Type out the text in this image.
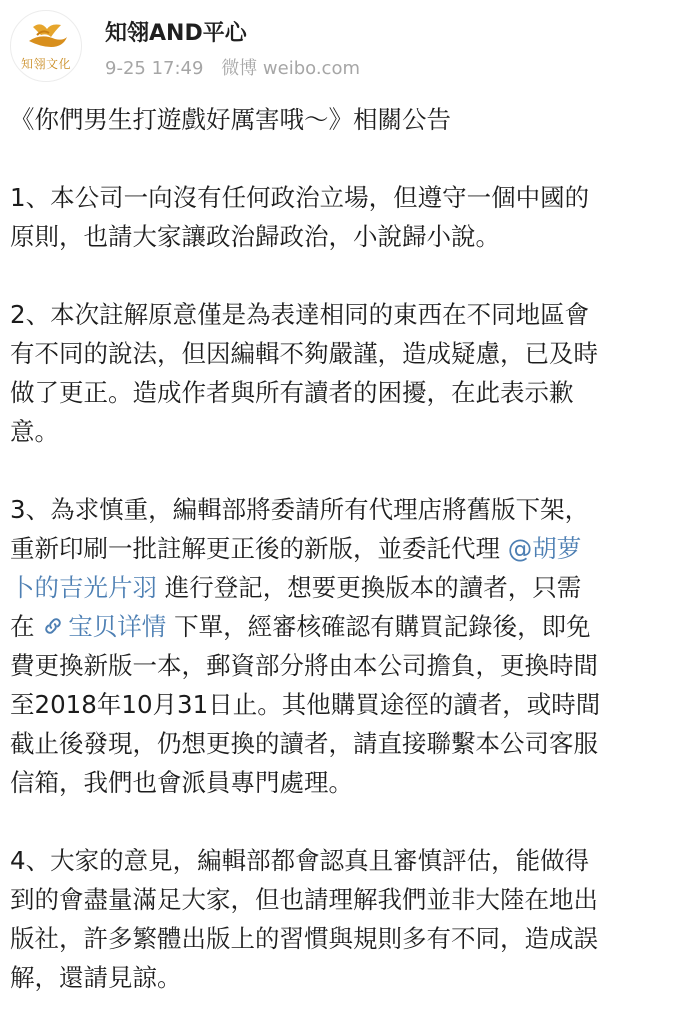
知翎文化
知翎AND平心
9-25 17:49 微博 weibo.com

《你們男生打遊戲好厲害哦～》相關公告

1、本公司一向沒有任何政治立場，但遵守一個中國的

原則，也請大家讓政治歸政治，小說歸小說。

2、本次註解原意僅是為表達相同的東西在不同地區會

有不同的說法，但因編輯不夠嚴謹，造成疑慮，已及時

做了更正。造成作者與所有讀者的困擾，在此表示歉

意。

3、為求慎重，編輯部將委請所有代理店將舊版下架，

重新印刷一批註解更正後的新版，並委託代理 @胡萝

卜的吉光片羽 進行登記，想要更換版本的讀者，只需

在 宝贝详情 下單，經審核確認有購買記錄後，即免

費更換新版一本，郵資部分將由本公司擔負，更換時間

至2018年10月31日止。其他購買途徑的讀者，或時間

截止後發現，仍想更換的讀者，請直接聯繫本公司客服

信箱，我們也會派員專門處理。

4、大家的意見，編輯部都會認真且審慎評估，能做得

到的會盡量滿足大家，但也請理解我們並非大陸在地出

版社，許多繁體出版上的習慣與規則多有不同，造成誤

解，還請見諒。
